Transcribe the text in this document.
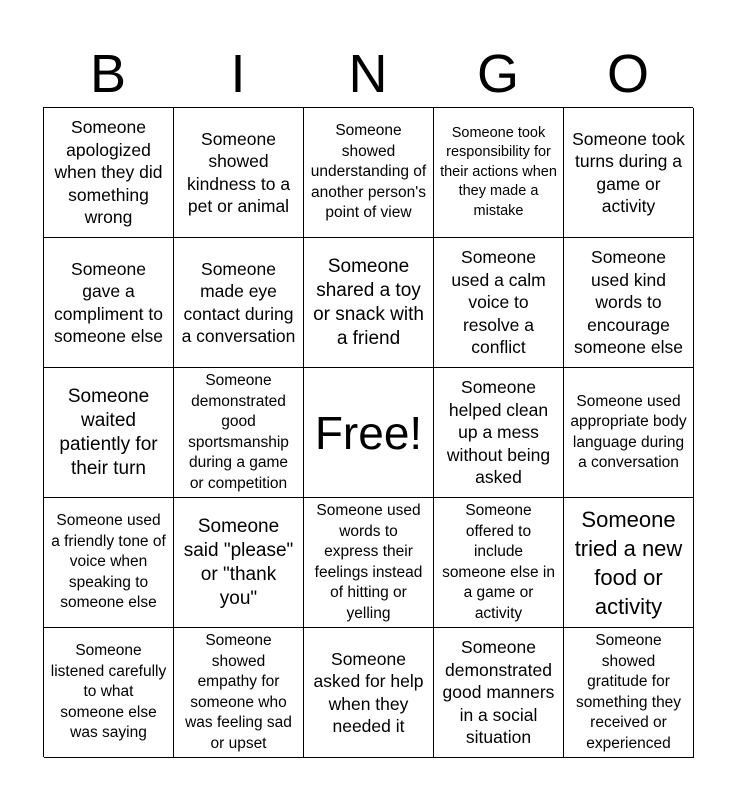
B	I	N	G	O
Someone apologized when they did something wrong
Someone showed kindness to a pet or animal
Someone showed understanding of another person's point of view
Someone took responsibility for their actions when they made a mistake
Someone took turns during a game or activity
Someone gave a compliment to someone else
Someone made eye contact during a conversation
Someone shared a toy or snack with a friend
Someone used a calm voice to resolve a conflict
Someone used kind words to encourage someone else
Someone waited patiently for their turn
Someone demonstrated good sportsmanship during a game or competition
Free!
Someone helped clean up a mess without being asked
Someone used appropriate body language during a conversation
Someone used a friendly tone of voice when speaking to someone else
Someone said "please" or "thank you"
Someone used words to express their feelings instead of hitting or yelling
Someone offered to include someone else in a game or activity
Someone tried a new food or activity
Someone listened carefully to what someone else was saying
Someone showed empathy for someone who was feeling sad or upset
Someone asked for help when they needed it
Someone demonstrated good manners in a social situation
Someone showed gratitude for something they received or experienced
